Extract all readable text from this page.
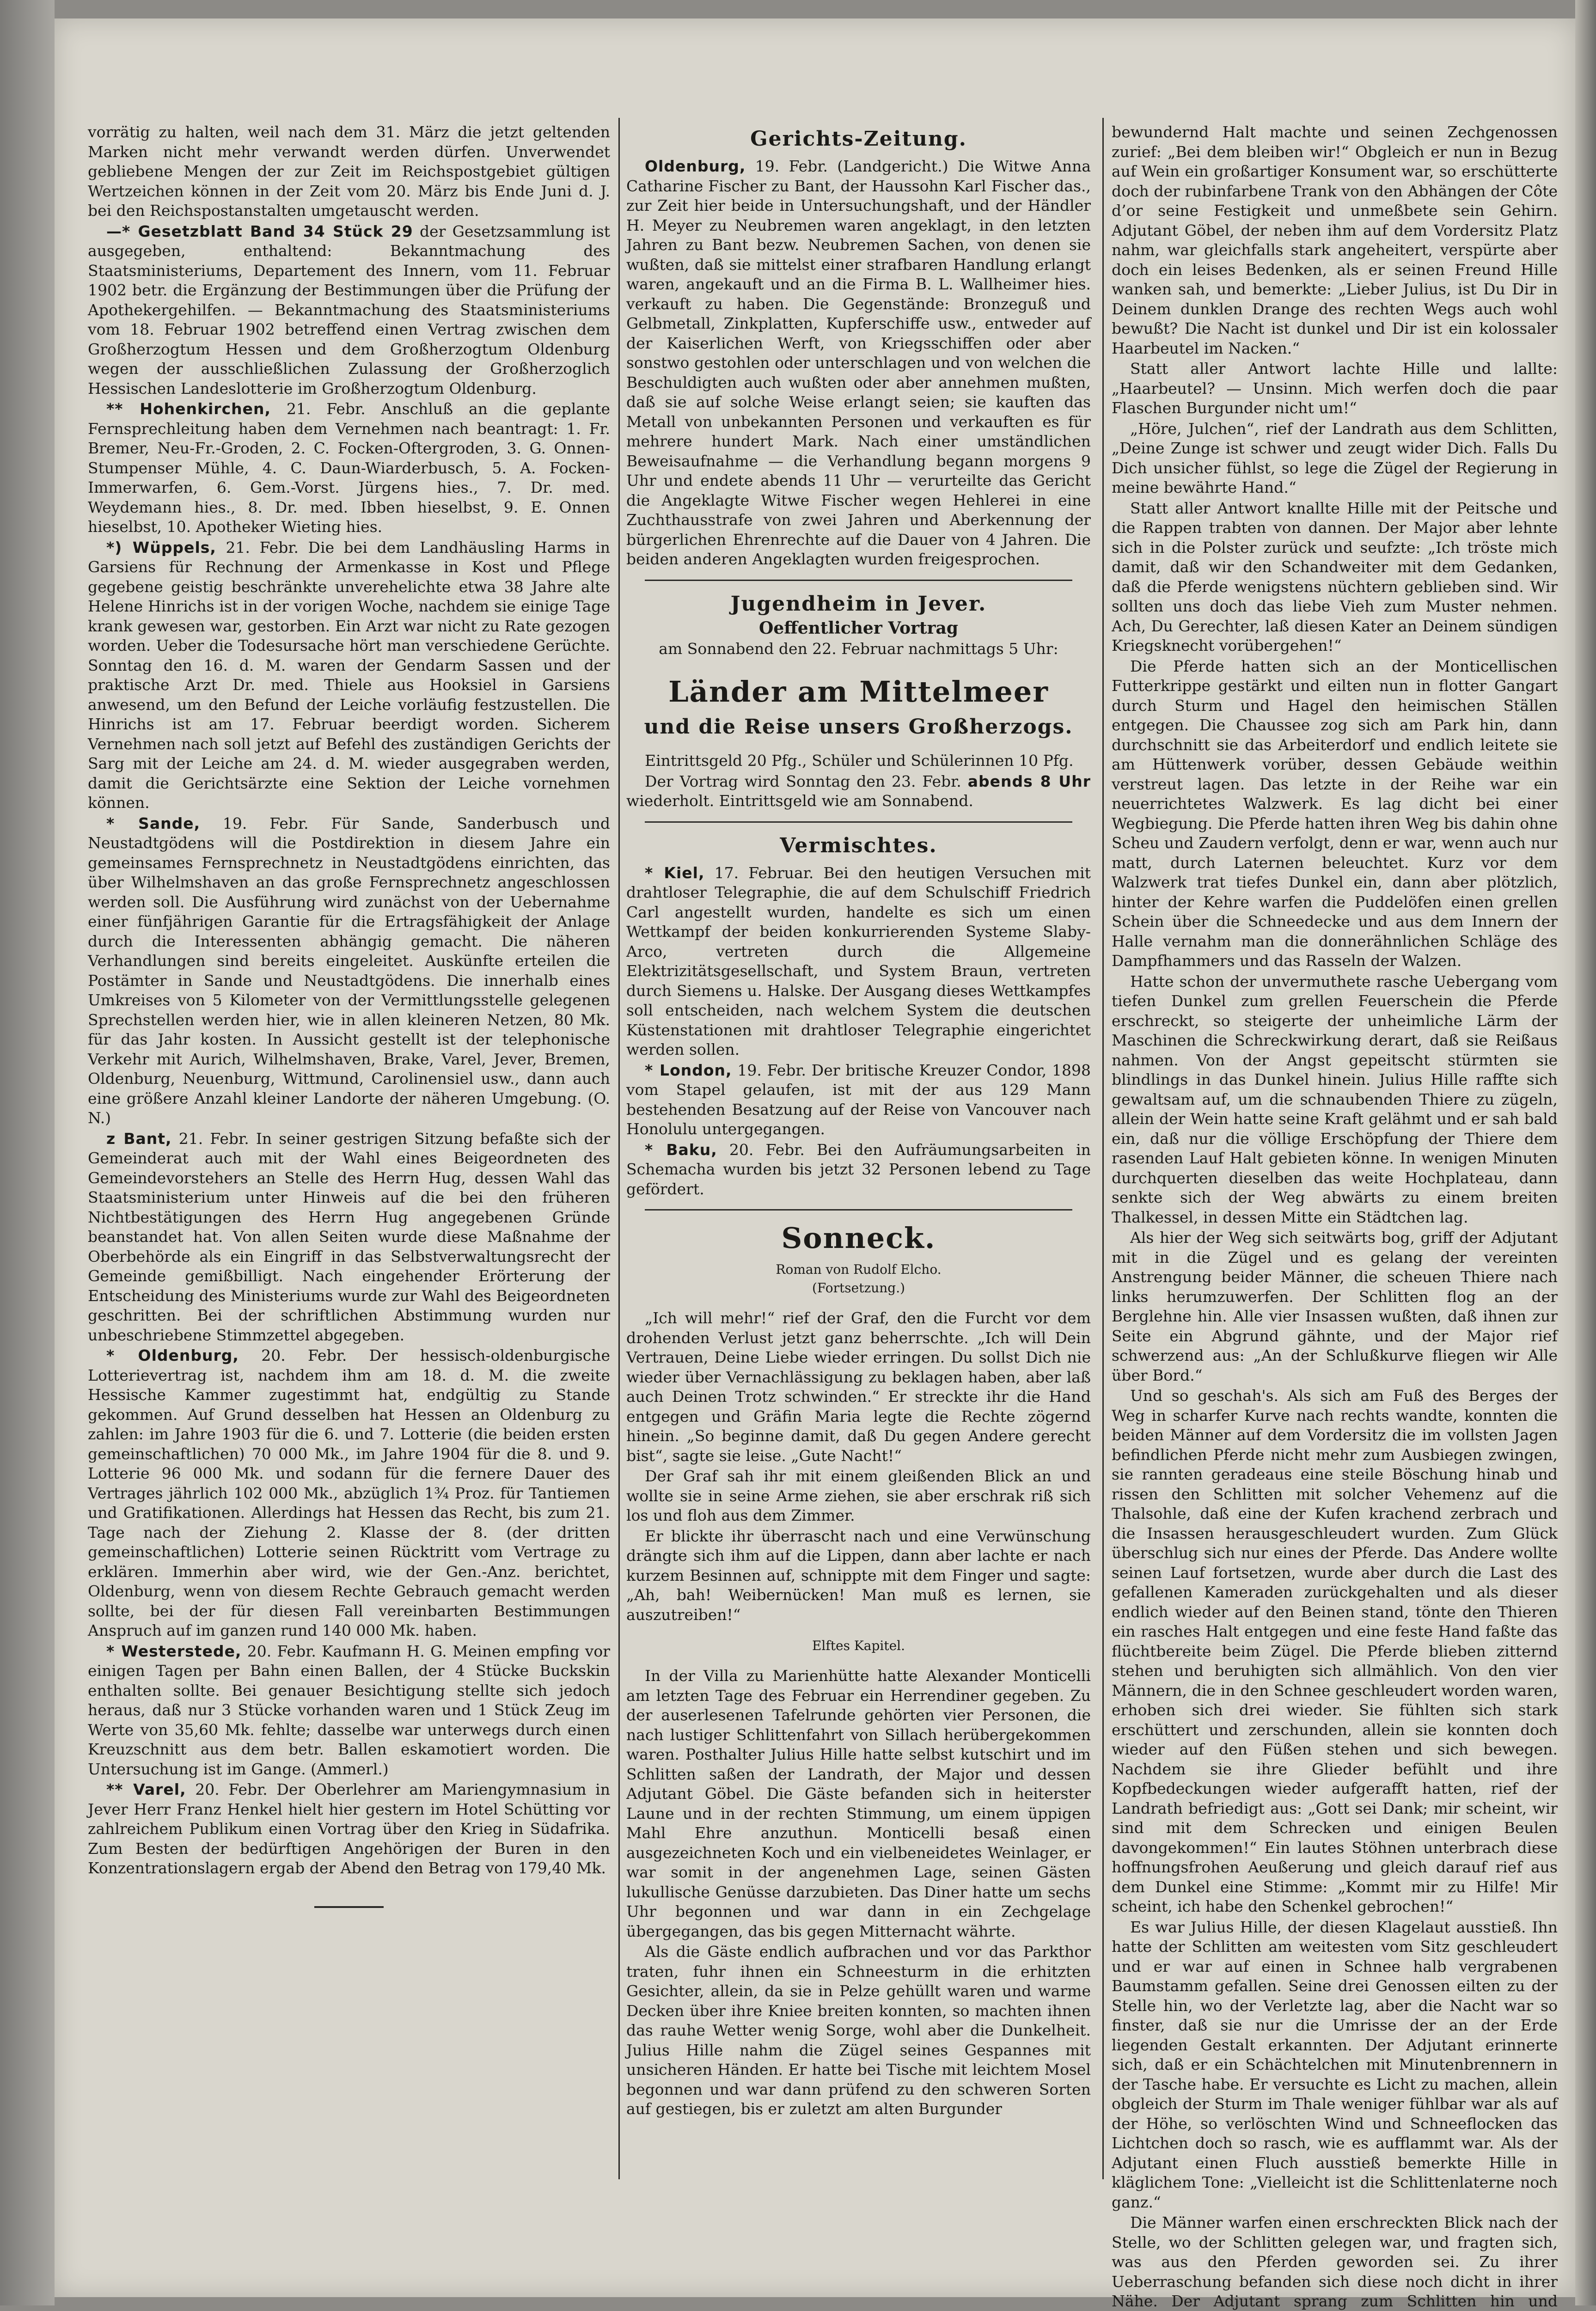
vorrätig zu halten, weil nach dem 31. März die jetzt geltenden Marken nicht mehr verwandt werden dürfen. Unverwendet gebliebene Mengen der zur Zeit im Reichspostgebiet gültigen Wertzeichen können in der Zeit vom 20. März bis Ende Juni d. J. bei den Reichspostanstalten umgetauscht werden.

—* Gesetzblatt Band 34 Stück 29 der Gesetzsammlung ist ausgegeben, enthaltend: Bekanntmachung des Staatsministeriums, Departement des Innern, vom 11. Februar 1902 betr. die Ergänzung der Bestimmungen über die Prüfung der Apothekergehilfen. — Bekanntmachung des Staatsministeriums vom 18. Februar 1902 betreffend einen Vertrag zwischen dem Großherzogtum Hessen und dem Großherzogtum Oldenburg wegen der ausschließlichen Zulassung der Großherzoglich Hessischen Landeslotterie im Großherzogtum Oldenburg.

** Hohenkirchen, 21. Febr. Anschluß an die geplante Fernsprechleitung haben dem Vernehmen nach beantragt: 1. Fr. Bremer, Neu-Fr.-Groden, 2. C. Focken-Oftergroden, 3. G. Onnen-Stumpenser Mühle, 4. C. Daun-Wiarderbusch, 5. A. Focken-Immerwarfen, 6. Gem.-Vorst. Jürgens hies., 7. Dr. med. Weydemann hies., 8. Dr. med. Ibben hieselbst, 9. E. Onnen hieselbst, 10. Apotheker Wieting hies.

*) Wüppels, 21. Febr. Die bei dem Landhäusling Harms in Garsiens für Rechnung der Armenkasse in Kost und Pflege gegebene geistig beschränkte unverehelichte etwa 38 Jahre alte Helene Hinrichs ist in der vorigen Woche, nachdem sie einige Tage krank gewesen war, gestorben. Ein Arzt war nicht zu Rate gezogen worden. Ueber die Todesursache hört man verschiedene Gerüchte. Sonntag den 16. d. M. waren der Gendarm Sassen und der praktische Arzt Dr. med. Thiele aus Hooksiel in Garsiens anwesend, um den Befund der Leiche vorläufig festzustellen. Die Hinrichs ist am 17. Februar beerdigt worden. Sicherem Vernehmen nach soll jetzt auf Befehl des zuständigen Gerichts der Sarg mit der Leiche am 24. d. M. wieder ausgegraben werden, damit die Gerichtsärzte eine Sektion der Leiche vornehmen können.

* Sande, 19. Febr. Für Sande, Sanderbusch und Neustadtgödens will die Postdirektion in diesem Jahre ein gemeinsames Fernsprechnetz in Neustadtgödens einrichten, das über Wilhelmshaven an das große Fernsprechnetz angeschlossen werden soll. Die Ausführung wird zunächst von der Uebernahme einer fünfjährigen Garantie für die Ertragsfähigkeit der Anlage durch die Interessenten abhängig gemacht. Die näheren Verhandlungen sind bereits eingeleitet. Auskünfte erteilen die Postämter in Sande und Neustadtgödens. Die innerhalb eines Umkreises von 5 Kilometer von der Vermittlungsstelle gelegenen Sprechstellen werden hier, wie in allen kleineren Netzen, 80 Mk. für das Jahr kosten. In Aussicht gestellt ist der telephonische Verkehr mit Aurich, Wilhelmshaven, Brake, Varel, Jever, Bremen, Oldenburg, Neuenburg, Wittmund, Carolinensiel usw., dann auch eine größere Anzahl kleiner Landorte der näheren Umgebung. (O. N.)

z Bant, 21. Febr. In seiner gestrigen Sitzung befaßte sich der Gemeinderat auch mit der Wahl eines Beigeordneten des Gemeindevorstehers an Stelle des Herrn Hug, dessen Wahl das Staatsministerium unter Hinweis auf die bei den früheren Nichtbestätigungen des Herrn Hug angegebenen Gründe beanstandet hat. Von allen Seiten wurde diese Maßnahme der Oberbehörde als ein Eingriff in das Selbstverwaltungsrecht der Gemeinde gemißbilligt. Nach eingehender Erörterung der Entscheidung des Ministeriums wurde zur Wahl des Beigeordneten geschritten. Bei der schriftlichen Abstimmung wurden nur unbeschriebene Stimmzettel abgegeben.

* Oldenburg, 20. Febr. Der hessisch-oldenburgische Lotterievertrag ist, nachdem ihm am 18. d. M. die zweite Hessische Kammer zugestimmt hat, endgültig zu Stande gekommen. Auf Grund desselben hat Hessen an Oldenburg zu zahlen: im Jahre 1903 für die 6. und 7. Lotterie (die beiden ersten gemeinschaftlichen) 70 000 Mk., im Jahre 1904 für die 8. und 9. Lotterie 96 000 Mk. und sodann für die fernere Dauer des Vertrages jährlich 102 000 Mk., abzüglich 1¾ Proz. für Tantiemen und Gratifikationen. Allerdings hat Hessen das Recht, bis zum 21. Tage nach der Ziehung 2. Klasse der 8. (der dritten gemeinschaftlichen) Lotterie seinen Rücktritt vom Vertrage zu erklären. Immerhin aber wird, wie der Gen.-Anz. berichtet, Oldenburg, wenn von diesem Rechte Gebrauch gemacht werden sollte, bei der für diesen Fall vereinbarten Bestimmungen Anspruch auf im ganzen rund 140 000 Mk. haben.

* Westerstede, 20. Febr. Kaufmann H. G. Meinen empfing vor einigen Tagen per Bahn einen Ballen, der 4 Stücke Buckskin enthalten sollte. Bei genauer Besichtigung stellte sich jedoch heraus, daß nur 3 Stücke vorhanden waren und 1 Stück Zeug im Werte von 35,60 Mk. fehlte; dasselbe war unterwegs durch einen Kreuzschnitt aus dem betr. Ballen eskamotiert worden. Die Untersuchung ist im Gange. (Ammerl.)

** Varel, 20. Febr. Der Oberlehrer am Mariengymnasium in Jever Herr Franz Henkel hielt hier gestern im Hotel Schütting vor zahlreichem Publikum einen Vortrag über den Krieg in Südafrika. Zum Besten der bedürftigen Angehörigen der Buren in den Konzentrationslagern ergab der Abend den Betrag von 179,40 Mk.

Gerichts-Zeitung.

Oldenburg, 19. Febr. (Landgericht.) Die Witwe Anna Catharine Fischer zu Bant, der Haussohn Karl Fischer das., zur Zeit hier beide in Untersuchungshaft, und der Händler H. Meyer zu Neubremen waren angeklagt, in den letzten Jahren zu Bant bezw. Neubremen Sachen, von denen sie wußten, daß sie mittelst einer strafbaren Handlung erlangt waren, angekauft und an die Firma B. L. Wallheimer hies. verkauft zu haben. Die Gegenstände: Bronzeguß und Gelbmetall, Zinkplatten, Kupferschiffe usw., entweder auf der Kaiserlichen Werft, von Kriegsschiffen oder aber sonstwo gestohlen oder unterschlagen und von welchen die Beschuldigten auch wußten oder aber annehmen mußten, daß sie auf solche Weise erlangt seien; sie kauften das Metall von unbekannten Personen und verkauften es für mehrere hundert Mark. Nach einer umständlichen Beweisaufnahme — die Verhandlung begann morgens 9 Uhr und endete abends 11 Uhr — verurteilte das Gericht die Angeklagte Witwe Fischer wegen Hehlerei in eine Zuchthausstrafe von zwei Jahren und Aberkennung der bürgerlichen Ehrenrechte auf die Dauer von 4 Jahren. Die beiden anderen Angeklagten wurden freigesprochen.

Jugendheim in Jever.
Oeffentlicher Vortrag

am Sonnabend den 22. Februar nachmittags 5 Uhr:

Länder am Mittelmeer
und die Reise unsers Großherzogs.

Eintrittsgeld 20 Pfg., Schüler und Schülerinnen 10 Pfg.

Der Vortrag wird Sonntag den 23. Febr. abends 8 Uhr wiederholt. Eintrittsgeld wie am Sonnabend.

Vermischtes.

* Kiel, 17. Februar. Bei den heutigen Versuchen mit drahtloser Telegraphie, die auf dem Schulschiff Friedrich Carl angestellt wurden, handelte es sich um einen Wettkampf der beiden konkurrierenden Systeme Slaby-Arco, vertreten durch die Allgemeine Elektrizitätsgesellschaft, und System Braun, vertreten durch Siemens u. Halske. Der Ausgang dieses Wettkampfes soll entscheiden, nach welchem System die deutschen Küstenstationen mit drahtloser Telegraphie eingerichtet werden sollen.

* London, 19. Febr. Der britische Kreuzer Condor, 1898 vom Stapel gelaufen, ist mit der aus 129 Mann bestehenden Besatzung auf der Reise von Vancouver nach Honolulu untergegangen.

* Baku, 20. Febr. Bei den Aufräumungsarbeiten in Schemacha wurden bis jetzt 32 Personen lebend zu Tage gefördert.

Sonneck.
Roman von Rudolf Elcho.
(Fortsetzung.)

„Ich will mehr!“ rief der Graf, den die Furcht vor dem drohenden Verlust jetzt ganz beherrschte. „Ich will Dein Vertrauen, Deine Liebe wieder erringen. Du sollst Dich nie wieder über Vernachlässigung zu beklagen haben, aber laß auch Deinen Trotz schwinden.“ Er streckte ihr die Hand entgegen und Gräfin Maria legte die Rechte zögernd hinein. „So beginne damit, daß Du gegen Andere gerecht bist“, sagte sie leise. „Gute Nacht!“

Der Graf sah ihr mit einem gleißenden Blick an und wollte sie in seine Arme ziehen, sie aber erschrak riß sich los und floh aus dem Zimmer.

Er blickte ihr überrascht nach und eine Verwünschung drängte sich ihm auf die Lippen, dann aber lachte er nach kurzem Besinnen auf, schnippte mit dem Finger und sagte: „Ah, bah! Weibernücken! Man muß es lernen, sie auszutreiben!“

Elftes Kapitel.

In der Villa zu Marienhütte hatte Alexander Monticelli am letzten Tage des Februar ein Herrendiner gegeben. Zu der auserlesenen Tafelrunde gehörten vier Personen, die nach lustiger Schlittenfahrt von Sillach herübergekommen waren. Posthalter Julius Hille hatte selbst kutschirt und im Schlitten saßen der Landrath, der Major und dessen Adjutant Göbel. Die Gäste befanden sich in heiterster Laune und in der rechten Stimmung, um einem üppigen Mahl Ehre anzuthun. Monticelli besaß einen ausgezeichneten Koch und ein vielbeneidetes Weinlager, er war somit in der angenehmen Lage, seinen Gästen lukullische Genüsse darzubieten. Das Diner hatte um sechs Uhr begonnen und war dann in ein Zechgelage übergegangen, das bis gegen Mitternacht währte.

Als die Gäste endlich aufbrachen und vor das Parkthor traten, fuhr ihnen ein Schneesturm in die erhitzten Gesichter, allein, da sie in Pelze gehüllt waren und warme Decken über ihre Kniee breiten konnten, so machten ihnen das rauhe Wetter wenig Sorge, wohl aber die Dunkelheit. Julius Hille nahm die Zügel seines Gespannes mit unsicheren Händen. Er hatte bei Tische mit leichtem Mosel begonnen und war dann prüfend zu den schweren Sorten auf gestiegen, bis er zuletzt am alten Burgunder

bewundernd Halt machte und seinen Zechgenossen zurief: „Bei dem bleiben wir!“ Obgleich er nun in Bezug auf Wein ein großartiger Konsument war, so erschütterte doch der rubinfarbene Trank von den Abhängen der Côte d’or seine Festigkeit und unmeßbete sein Gehirn. Adjutant Göbel, der neben ihm auf dem Vordersitz Platz nahm, war gleichfalls stark angeheitert, verspürte aber doch ein leises Bedenken, als er seinen Freund Hille wanken sah, und bemerkte: „Lieber Julius, ist Du Dir in Deinem dunklen Drange des rechten Wegs auch wohl bewußt? Die Nacht ist dunkel und Dir ist ein kolossaler Haarbeutel im Nacken.“

Statt aller Antwort lachte Hille und lallte: „Haarbeutel? — Unsinn. Mich werfen doch die paar Flaschen Burgunder nicht um!“

„Höre, Julchen“, rief der Landrath aus dem Schlitten, „Deine Zunge ist schwer und zeugt wider Dich. Falls Du Dich unsicher fühlst, so lege die Zügel der Regierung in meine bewährte Hand.“

Statt aller Antwort knallte Hille mit der Peitsche und die Rappen trabten von dannen. Der Major aber lehnte sich in die Polster zurück und seufzte: „Ich tröste mich damit, daß wir den Schandweiter mit dem Gedanken, daß die Pferde wenigstens nüchtern geblieben sind. Wir sollten uns doch das liebe Vieh zum Muster nehmen. Ach, Du Gerechter, laß diesen Kater an Deinem sündigen Kriegsknecht vorübergehen!“

Die Pferde hatten sich an der Monticellischen Futterkrippe gestärkt und eilten nun in flotter Gangart durch Sturm und Hagel den heimischen Ställen entgegen. Die Chaussee zog sich am Park hin, dann durchschnitt sie das Arbeiterdorf und endlich leitete sie am Hüttenwerk vorüber, dessen Gebäude weithin verstreut lagen. Das letzte in der Reihe war ein neuerrichtetes Walzwerk. Es lag dicht bei einer Wegbiegung. Die Pferde hatten ihren Weg bis dahin ohne Scheu und Zaudern verfolgt, denn er war, wenn auch nur matt, durch Laternen beleuchtet. Kurz vor dem Walzwerk trat tiefes Dunkel ein, dann aber plötzlich, hinter der Kehre warfen die Puddelöfen einen grellen Schein über die Schneedecke und aus dem Innern der Halle vernahm man die donnerähnlichen Schläge des Dampfhammers und das Rasseln der Walzen.

Hatte schon der unvermuthete rasche Uebergang vom tiefen Dunkel zum grellen Feuerschein die Pferde erschreckt, so steigerte der unheimliche Lärm der Maschinen die Schreckwirkung derart, daß sie Reißaus nahmen. Von der Angst gepeitscht stürmten sie blindlings in das Dunkel hinein. Julius Hille raffte sich gewaltsam auf, um die schnaubenden Thiere zu zügeln, allein der Wein hatte seine Kraft gelähmt und er sah bald ein, daß nur die völlige Erschöpfung der Thiere dem rasenden Lauf Halt gebieten könne. In wenigen Minuten durchquerten dieselben das weite Hochplateau, dann senkte sich der Weg abwärts zu einem breiten Thalkessel, in dessen Mitte ein Städtchen lag.

Als hier der Weg sich seitwärts bog, griff der Adjutant mit in die Zügel und es gelang der vereinten Anstrengung beider Männer, die scheuen Thiere nach links herumzuwerfen. Der Schlitten flog an der Berglehne hin. Alle vier Insassen wußten, daß ihnen zur Seite ein Abgrund gähnte, und der Major rief schwerzend aus: „An der Schlußkurve fliegen wir Alle über Bord.“

Und so geschah's. Als sich am Fuß des Berges der Weg in scharfer Kurve nach rechts wandte, konnten die beiden Männer auf dem Vordersitz die im vollsten Jagen befindlichen Pferde nicht mehr zum Ausbiegen zwingen, sie rannten geradeaus eine steile Böschung hinab und rissen den Schlitten mit solcher Vehemenz auf die Thalsohle, daß eine der Kufen krachend zerbrach und die Insassen herausgeschleudert wurden. Zum Glück überschlug sich nur eines der Pferde. Das Andere wollte seinen Lauf fortsetzen, wurde aber durch die Last des gefallenen Kameraden zurückgehalten und als dieser endlich wieder auf den Beinen stand, tönte den Thieren ein rasches Halt entgegen und eine feste Hand faßte das flüchtbereite beim Zügel. Die Pferde blieben zitternd stehen und beruhigten sich allmählich. Von den vier Männern, die in den Schnee geschleudert worden waren, erhoben sich drei wieder. Sie fühlten sich stark erschüttert und zerschunden, allein sie konnten doch wieder auf den Füßen stehen und sich bewegen. Nachdem sie ihre Glieder befühlt und ihre Kopfbedeckungen wieder aufgerafft hatten, rief der Landrath befriedigt aus: „Gott sei Dank; mir scheint, wir sind mit dem Schrecken und einigen Beulen davongekommen!“ Ein lautes Stöhnen unterbrach diese hoffnungsfrohen Aeußerung und gleich darauf rief aus dem Dunkel eine Stimme: „Kommt mir zu Hilfe! Mir scheint, ich habe den Schenkel gebrochen!“

Es war Julius Hille, der diesen Klagelaut ausstieß. Ihn hatte der Schlitten am weitesten vom Sitz geschleudert und er war auf einen in Schnee halb vergrabenen Baumstamm gefallen. Seine drei Genossen eilten zu der Stelle hin, wo der Verletzte lag, aber die Nacht war so finster, daß sie nur die Umrisse der an der Erde liegenden Gestalt erkannten. Der Adjutant erinnerte sich, daß er ein Schächtelchen mit Minutenbrennern in der Tasche habe. Er versuchte es Licht zu machen, allein obgleich der Sturm im Thale weniger fühlbar war als auf der Höhe, so verlöschten Wind und Schneeflocken das Lichtchen doch so rasch, wie es aufflammt war. Als der Adjutant einen Fluch ausstieß bemerkte Hille in kläglichem Tone: „Vielleicht ist die Schlittenlaterne noch ganz.“

Die Männer warfen einen erschreckten Blick nach der Stelle, wo der Schlitten gelegen war, und fragten sich, was aus den Pferden geworden sei. Zu ihrer Ueberraschung befanden sich diese noch dicht in ihrer Nähe. Der Adjutant sprang zum Schlitten hin und
